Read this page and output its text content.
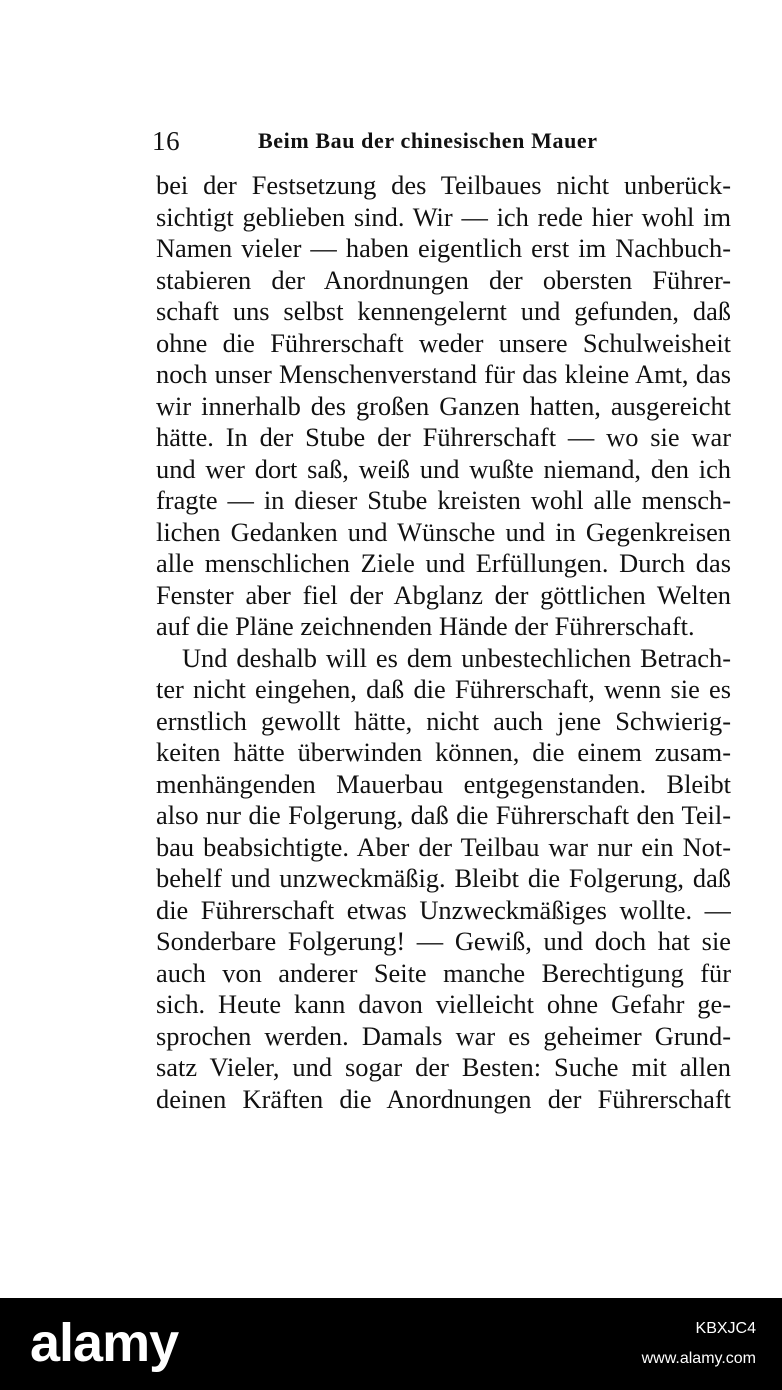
16	Beim Bau der chinesischen Mauer
bei der Festsetzung des Teilbaues nicht unberück-
sichtigt geblieben sind. Wir — ich rede hier wohl im
Namen vieler — haben eigentlich erst im Nachbuch-
stabieren der Anordnungen der obersten Führer-
schaft uns selbst kennengelernt und gefunden, daß
ohne die Führerschaft weder unsere Schulweisheit
noch unser Menschenverstand für das kleine Amt, das
wir innerhalb des großen Ganzen hatten, ausgereicht
hätte. In der Stube der Führerschaft — wo sie war
und wer dort saß, weiß und wußte niemand, den ich
fragte — in dieser Stube kreisten wohl alle mensch-
lichen Gedanken und Wünsche und in Gegenkreisen
alle menschlichen Ziele und Erfüllungen. Durch das
Fenster aber fiel der Abglanz der göttlichen Welten
auf die Pläne zeichnenden Hände der Führerschaft.
Und deshalb will es dem unbestechlichen Betrach-
ter nicht eingehen, daß die Führerschaft, wenn sie es
ernstlich gewollt hätte, nicht auch jene Schwierig-
keiten hätte überwinden können, die einem zusam-
menhängenden Mauerbau entgegenstanden. Bleibt
also nur die Folgerung, daß die Führerschaft den Teil-
bau beabsichtigte. Aber der Teilbau war nur ein Not-
behelf und unzweckmäßig. Bleibt die Folgerung, daß
die Führerschaft etwas Unzweckmäßiges wollte. —
Sonderbare Folgerung! — Gewiß, und doch hat sie
auch von anderer Seite manche Berechtigung für
sich. Heute kann davon vielleicht ohne Gefahr ge-
sprochen werden. Damals war es geheimer Grund-
satz Vieler, und sogar der Besten: Suche mit allen
deinen Kräften die Anordnungen der Führerschaft
alamy	KBXJC4
www.alamy.com
